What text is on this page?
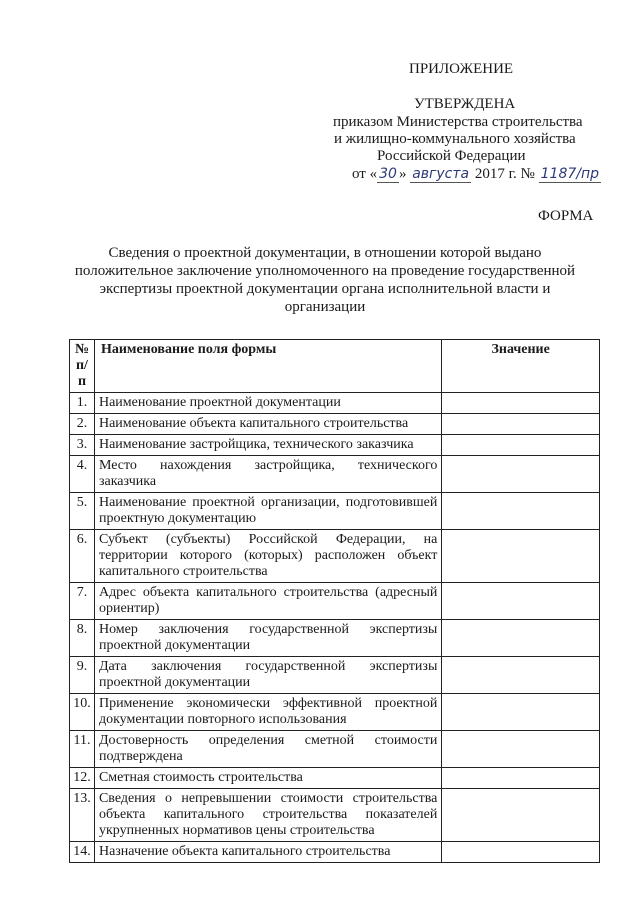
ПРИЛОЖЕНИЕ
УТВЕРЖДЕНА
приказом Министерства строительства
и жилищно-коммунального хозяйства
Российской Федерации
от « 30 » августа 2017 г. № 1187/пр
ФОРМА
Сведения о проектной документации, в отношении которой выдано положительное заключение уполномоченного на проведение государственной экспертизы проектной документации органа исполнительной власти и организации
№ п/п	Наименование поля формы	Значение
1.	Наименование проектной документации	
2.	Наименование объекта капитального строительства	
3.	Наименование застройщика, технического заказчика	
4.	Место нахождения застройщика, технического заказчика	
5.	Наименование проектной организации, подготовившей проектную документацию	
6.	Субъект (субъекты) Российской Федерации, на территории которого (которых) расположен объект капитального строительства	
7.	Адрес объекта капитального строительства (адресный ориентир)	
8.	Номер заключения государственной экспертизы проектной документации	
9.	Дата заключения государственной экспертизы проектной документации	
10.	Применение экономически эффективной проектной документации повторного использования	
11.	Достоверность определения сметной стоимости подтверждена	
12.	Сметная стоимость строительства	
13.	Сведения о непревышении стоимости строительства объекта капитального строительства показателей укрупненных нормативов цены строительства	
14.	Назначение объекта капитального строительства	
